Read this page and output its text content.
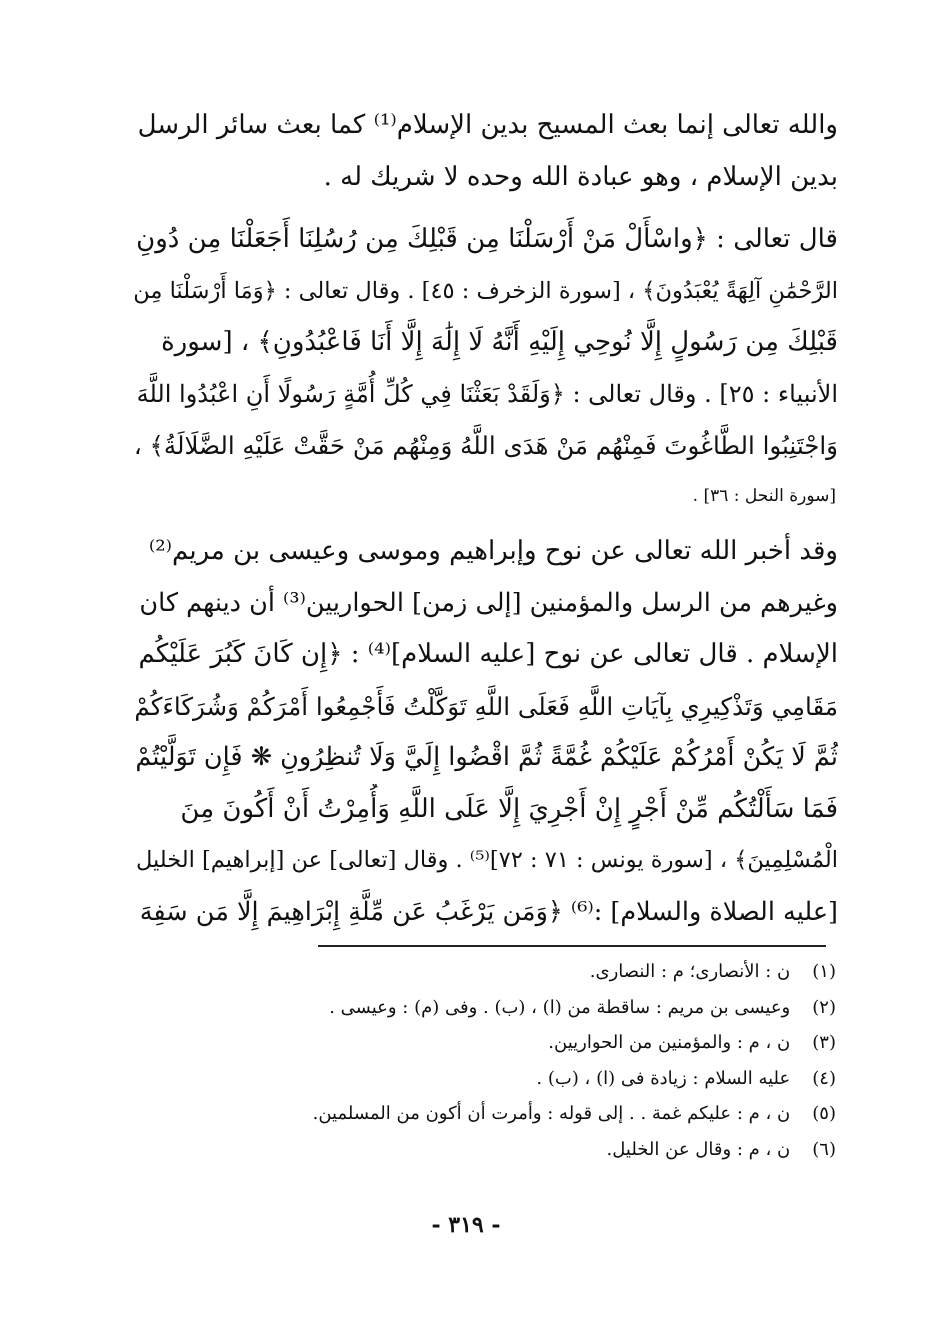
والله تعالى إنما بعث المسيح بدين الإسلام⁽¹⁾ كما بعث سائر الرسل
بدين الإسلام ، وهو عبادة الله وحده لا شريك له .
قال تعالى : ﴿واسْأَلْ مَنْ أَرْسَلْنَا مِن قَبْلِكَ مِن رُسُلِنَا أَجَعَلْنَا مِن دُونِ
الرَّحْمَٰنِ آلِهَةً يُعْبَدُونَ﴾ ، [سورة الزخرف : ٤٥] . وقال تعالى : ﴿وَمَا أَرْسَلْنَا مِن
قَبْلِكَ مِن رَسُولٍ إِلَّا نُوحِي إِلَيْهِ أَنَّهُ لَا إِلَٰهَ إِلَّا أَنَا فَاعْبُدُونِ﴾ ، [سورة
الأنبياء : ٢٥] . وقال تعالى : ﴿وَلَقَدْ بَعَثْنَا فِي كُلِّ أُمَّةٍ رَسُولًا أَنِ اعْبُدُوا اللَّهَ
وَاجْتَنِبُوا الطَّاغُوتَ فَمِنْهُم مَنْ هَدَى اللَّهُ وَمِنْهُم مَنْ حَقَّتْ عَلَيْهِ الضَّلَالَةُ﴾ ،
[سورة النحل : ٣٦] .
وقد أخبر الله تعالى عن نوح وإبراهيم وموسى وعيسى بن مريم⁽²⁾
وغيرهم من الرسل والمؤمنين [إلى زمن] الحواريين⁽³⁾ أن دينهم كان
الإسلام . قال تعالى عن نوح [عليه السلام]⁽⁴⁾ : ﴿إِن كَانَ كَبُرَ عَلَيْكُم
مَقَامِي وَتَذْكِيرِي بِآيَاتِ اللَّهِ فَعَلَى اللَّهِ تَوَكَّلْتُ فَأَجْمِعُوا أَمْرَكُمْ وَشُرَكَاءَكُمْ
ثُمَّ لَا يَكُنْ أَمْرُكُمْ عَلَيْكُمْ غُمَّةً ثُمَّ اقْضُوا إِلَيَّ وَلَا تُنظِرُونِ ❋ فَإِن تَوَلَّيْتُمْ
فَمَا سَأَلْتُكُم مِّنْ أَجْرٍ إِنْ أَجْرِيَ إِلَّا عَلَى اللَّهِ وَأُمِرْتُ أَنْ أَكُونَ مِنَ
الْمُسْلِمِينَ﴾ ، [سورة يونس : ٧١ : ٧٢]⁽⁵⁾ . وقال [تعالى] عن [إبراهيم] الخليل
[عليه الصلاة والسلام] :⁽⁶⁾ ﴿وَمَن يَرْغَبُ عَن مِّلَّةِ إِبْرَاهِيمَ إِلَّا مَن سَفِهَ
(١) ن : الأنصارى؛ م : النصارى.
(٢) وعيسى بن مريم : ساقطة من (ا) ، (ب) . وفى (م) : وعيسى .
(٣) ن ، م : والمؤمنين من الحواريين.
(٤) عليه السلام : زيادة فى (ا) ، (ب) .
(٥) ن ، م : عليكم غمة . . إلى قوله : وأمرت أن أكون من المسلمين.
(٦) ن ، م : وقال عن الخليل.
- ٣١٩ -
